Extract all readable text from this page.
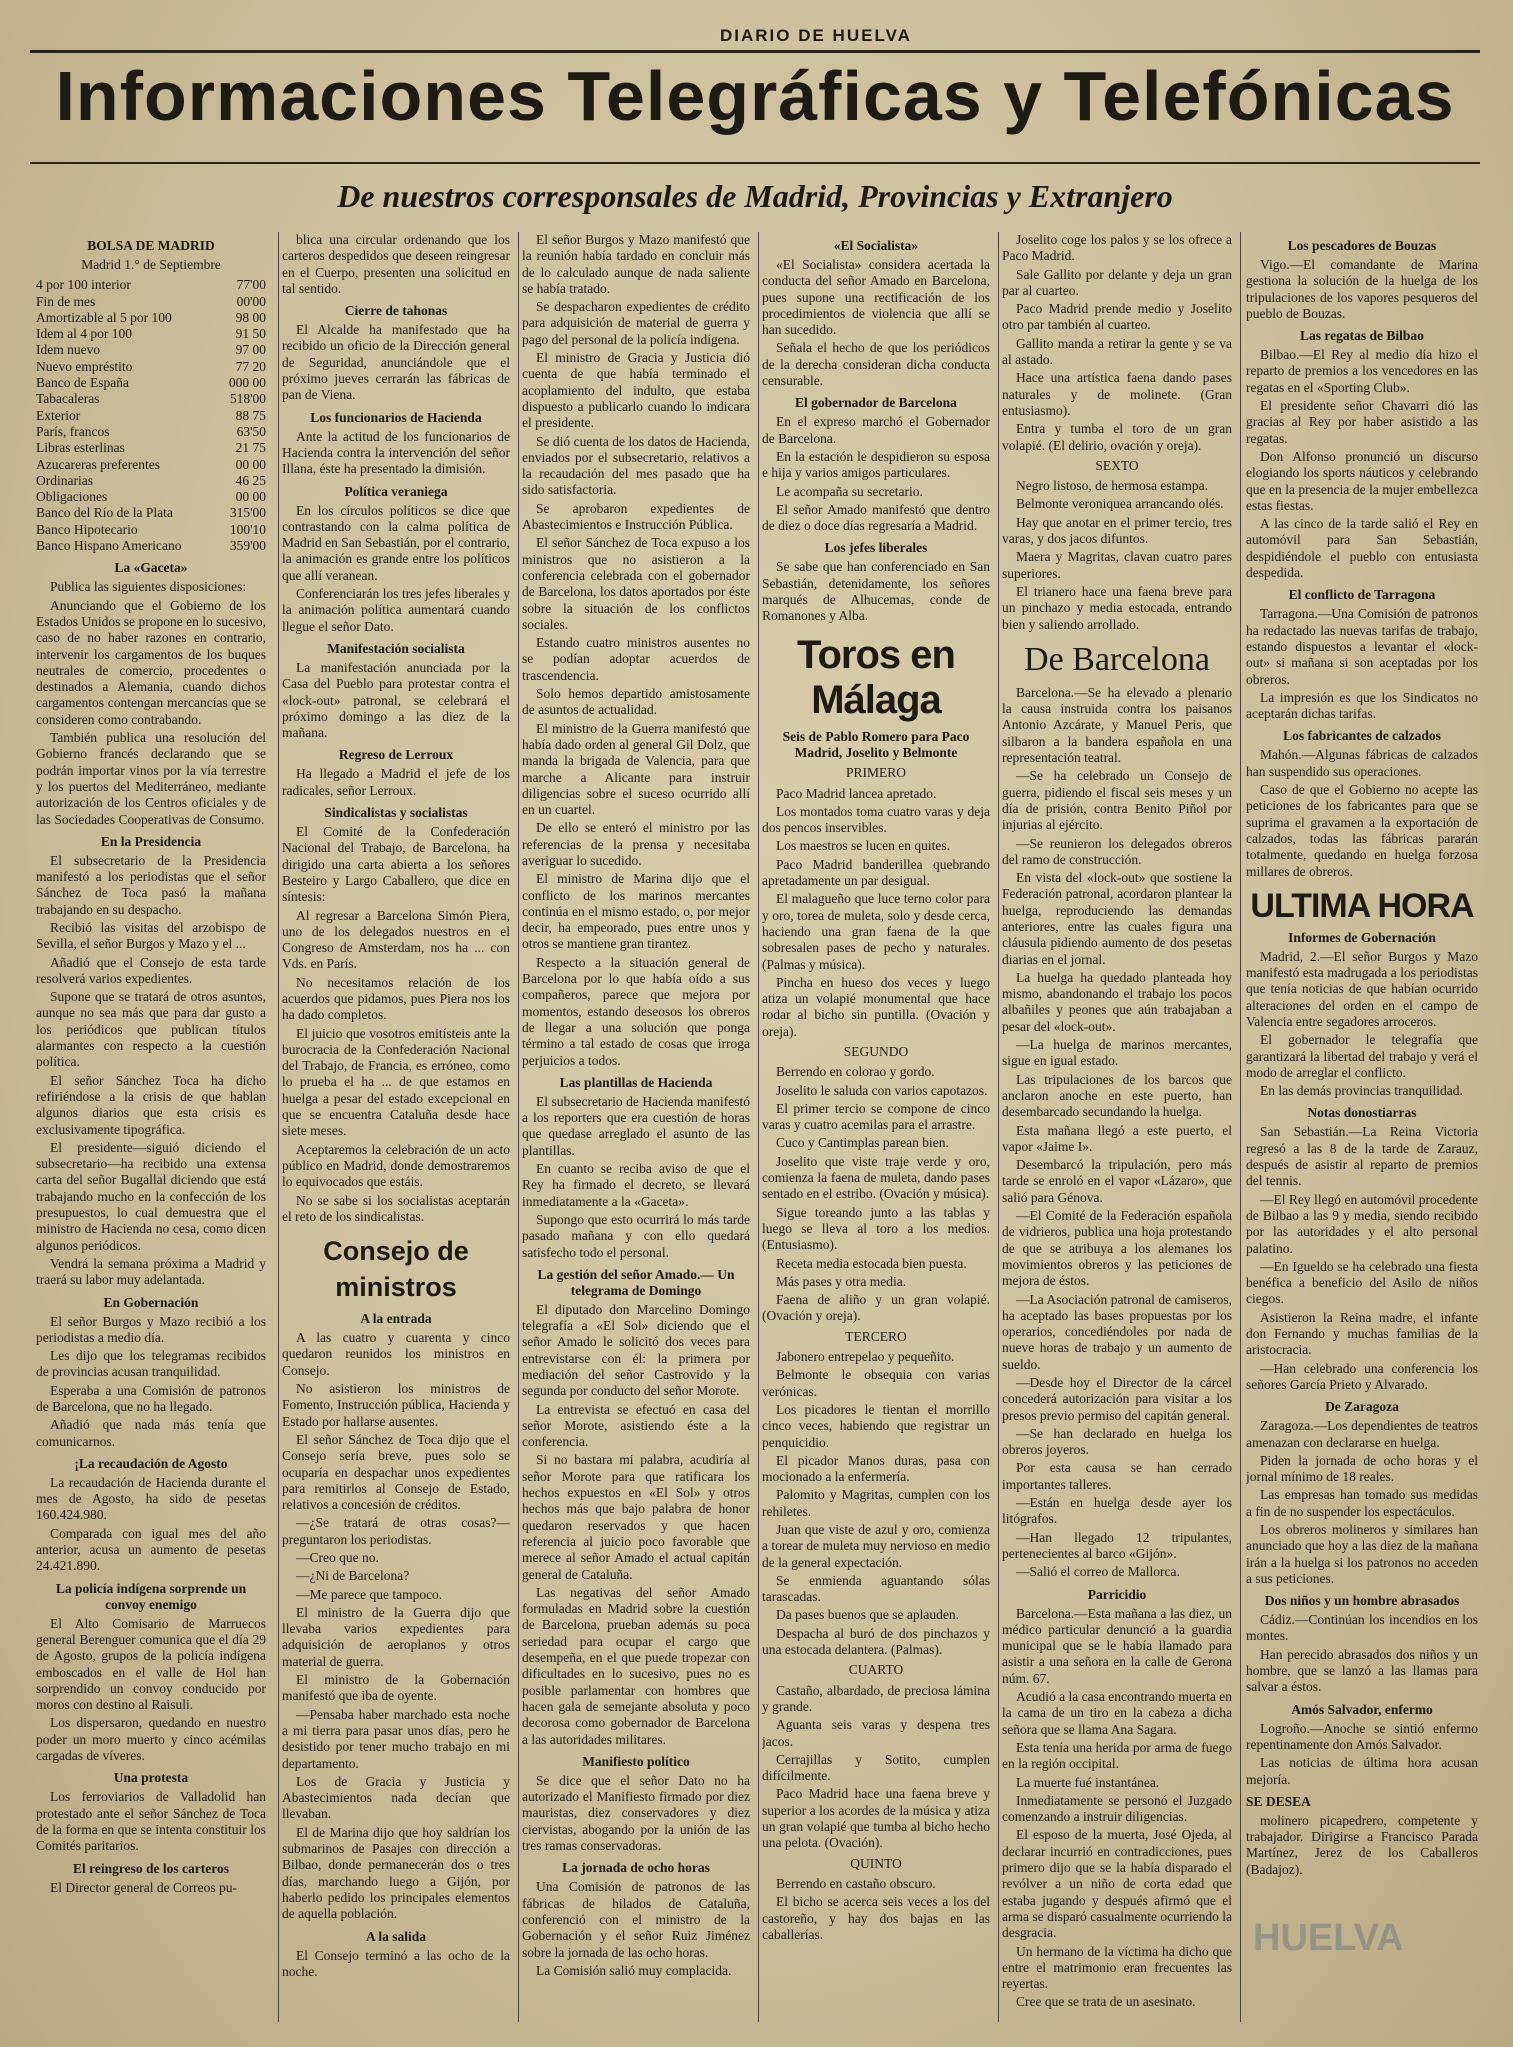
DIARIO DE HUELVA
Informaciones Telegráficas y Telefónicas
De nuestros corresponsales de Madrid, Provincias y Extranjero
BOLSA DE MADRID
Madrid 1.° de Septiembre
4 por 100 interior	77'00
Fin de mes	00'00
Amortizable al 5 por 100	98 00
Idem al 4 por 100	91 50
Idem nuevo	97 00
Nuevo empréstito	77 20
Banco de España	000 00
Tabacaleras	518'00
Exterior	88 75
París, francos	63'50
Libras esterlinas	21 75
Azucareras preferentes	00 00
Ordinarias	46 25
Obligaciones	00 00
Banco del Río de la Plata	315'00
Banco Hipotecario	100'10
Banco Hispano Americano	359'00
La «Gaceta»

Publica las siguientes disposiciones:

Anunciando que el Gobierno de los Estados Unidos se propone en lo sucesivo, caso de no haber razones en contrario, intervenir los cargamentos de los buques neutrales de comercio, procedentes o destinados a Alemania, cuando dichos cargamentos contengan mercancías que se consideren como contrabando.

También publica una resolución del Gobierno francés declarando que se podrán importar vinos por la vía terrestre y los puertos del Mediterráneo, mediante autorización de los Centros oficiales y de las Sociedades Cooperativas de Consumo.

En la Presidencia

El subsecretario de la Presidencia manifestó a los periodistas que el señor Sánchez de Toca pasó la mañana trabajando en su despacho.

Recibió las visitas del arzobispo de Sevilla, el señor Burgos y Mazo y el ...

Añadió que el Consejo de esta tarde resolverá varios expedientes.

Supone que se tratará de otros asuntos, aunque no sea más que para dar gusto a los periódicos que publican títulos alarmantes con respecto a la cuestión política.

El señor Sánchez Toca ha dicho refiriéndose a la crisis de que hablan algunos diarios que esta crisis es exclusivamente tipográfica.

El presidente—siguió diciendo el subsecretario—ha recibido una extensa carta del señor Bugallal diciendo que está trabajando mucho en la confección de los presupuestos, lo cual demuestra que el ministro de Hacienda no cesa, como dicen algunos periódicos.

Vendrá la semana próxima a Madrid y traerá su labor muy adelantada.

En Gobernación

El señor Burgos y Mazo recibió a los periodistas a medio día.

Les dijo que los telegramas recibidos de provincias acusan tranquilidad.

Esperaba a una Comisión de patronos de Barcelona, que no ha llegado.

Añadió que nada más tenía que comunicarnos.

¡La recaudación de Agosto

La recaudación de Hacienda durante el mes de Agosto, ha sido de pesetas 160.424.980.

Comparada con igual mes del año anterior, acusa un aumento de pesetas 24.421.890.

La policía indígena sorprende un convoy enemigo

El Alto Comisario de Marruecos general Berenguer comunica que el día 29 de Agosto, grupos de la policía indígena emboscados en el valle de Hol han sorprendido un convoy conducido por moros con destino al Raisuli.

Los dispersaron, quedando en nuestro poder un moro muerto y cinco acémilas cargadas de víveres.

Una protesta

Los ferroviarios de Valladolid han protestado ante el señor Sánchez de Toca de la forma en que se intenta constituir los Comités paritarios.

El reingreso de los carteros

El Director general de Correos pu-

blica una circular ordenando que los carteros despedidos que deseen reingresar en el Cuerpo, presenten una solicitud en tal sentido.

Cierre de tahonas

El Alcalde ha manifestado que ha recibido un oficio de la Dirección general de Seguridad, anunciándole que el próximo jueves cerrarán las fábricas de pan de Viena.

Los funcionarios de Hacienda

Ante la actitud de los funcionarios de Hacienda contra la intervención del señor Illana, éste ha presentado la dimisión.

Política veraniega

En los círculos políticos se dice que contrastando con la calma política de Madrid en San Sebastián, por el contrario, la animación es grande entre los políticos que allí veranean.

Conferenciarán los tres jefes liberales y la animación política aumentará cuando llegue el señor Dato.

Manifestación socialista

La manifestación anunciada por la Casa del Pueblo para protestar contra el «lock-out» patronal, se celebrará el próximo domingo a las diez de la mañana.

Regreso de Lerroux

Ha llegado a Madrid el jefe de los radicales, señor Lerroux.

Sindicalistas y socialistas

El Comité de la Confederación Nacional del Trabajo, de Barcelona, ha dirigido una carta abierta a los señores Besteiro y Largo Caballero, que dice en síntesis:

Al regresar a Barcelona Simón Piera, uno de los delegados nuestros en el Congreso de Amsterdam, nos ha ... con Vds. en París.

No necesitamos relación de los acuerdos que pidamos, pues Piera nos los ha dado completos.

El juicio que vosotros emitísteis ante la burocracia de la Confederación Nacional del Trabajo, de Francia, es erróneo, como lo prueba el ha ... de que estamos en huelga a pesar del estado excepcional en que se encuentra Cataluña desde hace siete meses.

Aceptaremos la celebración de un acto público en Madrid, donde demostraremos lo equivocados que estáis.

No se sabe si los socialistas aceptarán el reto de los sindicalistas.

Consejo de ministros
A la entrada

A las cuatro y cuarenta y cinco quedaron reunidos los ministros en Consejo.

No asistieron los ministros de Fomento, Instrucción pública, Hacienda y Estado por hallarse ausentes.

El señor Sánchez de Toca dijo que el Consejo sería breve, pues solo se ocuparía en despachar unos expedientes para remitirlos al Consejo de Estado, relativos a concesión de créditos.

—¿Se tratará de otras cosas?—preguntaron los periodistas.

—Creo que no.

—¿Ni de Barcelona?

—Me parece que tampoco.

El ministro de la Guerra dijo que llevaba varios expedientes para adquisición de aeroplanos y otros material de guerra.

El ministro de la Gobernación manifestó que iba de oyente.

—Pensaba haber marchado esta noche a mi tierra para pasar unos días, pero he desistido por tener mucho trabajo en mi departamento.

Los de Gracia y Justicia y Abastecimientos nada decían que llevaban.

El de Marina dijo que hoy saldrían los submarinos de Pasajes con dirección a Bilbao, donde permanecerán dos o tres días, marchando luego a Gijón, por haberlo pedido los principales elementos de aquella población.

A la salida

El Consejo terminó a las ocho de la noche.

El señor Burgos y Mazo manifestó que la reunión había tardado en concluir más de lo calculado aunque de nada saliente se había tratado.

Se despacharon expedientes de crédito para adquisición de material de guerra y pago del personal de la policía indígena.

El ministro de Gracia y Justicia dió cuenta de que había terminado el acoplamiento del indulto, que estaba dispuesto a publicarlo cuando lo indicara el presidente.

Se dió cuenta de los datos de Hacienda, enviados por el subsecretario, relativos a la recaudación del mes pasado que ha sido satisfactoria.

Se aprobaron expedientes de Abastecimientos e Instrucción Pública.

El señor Sánchez de Toca expuso a los ministros que no asistieron a la conferencia celebrada con el gobernador de Barcelona, los datos aportados por éste sobre la situación de los conflictos sociales.

Estando cuatro ministros ausentes no se podían adoptar acuerdos de trascendencia.

Solo hemos departido amistosamente de asuntos de actualidad.

El ministro de la Guerra manifestó que había dado orden al general Gil Dolz, que manda la brigada de Valencia, para que marche a Alicante para instruir diligencias sobre el suceso ocurrido allí en un cuartel.

De ello se enteró el ministro por las referencias de la prensa y necesitaba averiguar lo sucedido.

El ministro de Marina dijo que el conflicto de los marinos mercantes continúa en el mismo estado, o, por mejor decir, ha empeorado, pues entre unos y otros se mantiene gran tirantez.

Respecto a la situación general de Barcelona por lo que había oído a sus compañeros, parece que mejora por momentos, estando deseosos los obreros de llegar a una solución que ponga término a tal estado de cosas que irroga perjuicios a todos.

Las plantillas de Hacienda

El subsecretario de Hacienda manifestó a los reporters que era cuestión de horas que quedase arreglado el asunto de las plantillas.

En cuanto se reciba aviso de que el Rey ha firmado el decreto, se llevará inmediatamente a la «Gaceta».

Supongo que esto ocurrirá lo más tarde pasado mañana y con ello quedará satisfecho todo el personal.

La gestión del señor Amado.— Un telegrama de Domingo

El diputado don Marcelino Domingo telegrafía a «El Sol» diciendo que el señor Amado le solicitó dos veces para entrevistarse con él: la primera por mediación del señor Castrovido y la segunda por conducto del señor Morote.

La entrevista se efectuó en casa del señor Morote, asistiendo éste a la conferencia.

Si no bastara mi palabra, acudiría al señor Morote para que ratificara los hechos expuestos en «El Sol» y otros hechos más que bajo palabra de honor quedaron reservados y que hacen referencia al juicio poco favorable que merece al señor Amado el actual capitán general de Cataluña.

Las negativas del señor Amado formuladas en Madrid sobre la cuestión de Barcelona, prueban además su poca seriedad para ocupar el cargo que desempeña, en el que puede tropezar con dificultades en lo sucesivo, pues no es posible parlamentar con hombres que hacen gala de semejante absoluta y poco decorosa como gobernador de Barcelona a las autoridades militares.

Manifiesto político

Se dice que el señor Dato no ha autorizado el Manifiesto firmado por diez mauristas, diez conservadores y diez ciervistas, abogando por la unión de las tres ramas conservadoras.

La jornada de ocho horas

Una Comisión de patronos de las fábricas de hilados de Cataluña, conferenció con el ministro de la Gobernación y el señor Ruiz Jiménez sobre la jornada de las ocho horas.

La Comisión salió muy complacida.

«El Socialista»

«El Socialista» considera acertada la conducta del señor Amado en Barcelona, pues supone una rectificación de los procedimientos de violencia que allí se han sucedido.

Señala el hecho de que los periódicos de la derecha consideran dicha conducta censurable.

El gobernador de Barcelona

En el expreso marchó el Gobernador de Barcelona.

En la estación le despidieron su esposa e hija y varios amigos particulares.

Le acompaña su secretario.

El señor Amado manifestó que dentro de diez o doce días regresaría a Madrid.

Los jefes liberales

Se sabe que han conferenciado en San Sebastián, detenidamente, los señores marqués de Alhucemas, conde de Romanones y Alba.

Toros en Málaga
Seis de Pablo Romero para Paco Madrid, Joselito y Belmonte
PRIMERO

Paco Madrid lancea apretado.

Los montados toma cuatro varas y deja dos pencos inservibles.

Los maestros se lucen en quites.

Paco Madrid banderillea quebrando apretadamente un par desigual.

El malagueño que luce terno color para y oro, torea de muleta, solo y desde cerca, haciendo una gran faena de la que sobresalen pases de pecho y naturales. (Palmas y música).

Pincha en hueso dos veces y luego atiza un volapié monumental que hace rodar al bicho sin puntilla. (Ovación y oreja).

SEGUNDO

Berrendo en colorao y gordo.

Joselito le saluda con varios capotazos.

El primer tercio se compone de cinco varas y cuatro acemilas para el arrastre.

Cuco y Cantimplas parean bien.

Joselito que viste traje verde y oro, comienza la faena de muleta, dando pases sentado en el estribo. (Ovación y música).

Sigue toreando junto a las tablas y luego se lleva al toro a los medios. (Entusiasmo).

Receta media estocada bien puesta.

Más pases y otra media.

Faena de aliño y un gran volapié. (Ovación y oreja).

TERCERO

Jabonero entrepelao y pequeñito.

Belmonte le obsequia con varias verónicas.

Los picadores le tientan el morrillo cinco veces, habiendo que registrar un penquicidio.

El picador Manos duras, pasa con mocionado a la enfermería.

Palomito y Magritas, cumplen con los rehiletes.

Juan que viste de azul y oro, comienza a torear de muleta muy nervioso en medio de la general expectación.

Se enmienda aguantando sólas tarascadas.

Da pases buenos que se aplauden.

Despacha al buró de dos pinchazos y una estocada delantera. (Palmas).

CUARTO

Castaño, albardado, de preciosa lámina y grande.

Aguanta seis varas y despena tres jacos.

Cerrajillas y Sotito, cumplen difícilmente.

Paco Madrid hace una faena breve y superior a los acordes de la música y atiza un gran volapié que tumba al bicho hecho una pelota. (Ovación).

QUINTO

Berrendo en castaño obscuro.

El bicho se acerca seis veces a los del castoreño, y hay dos bajas en las caballerías.

Joselito coge los palos y se los ofrece a Paco Madrid.

Sale Gallito por delante y deja un gran par al cuarteo.

Paco Madrid prende medio y Joselito otro par también al cuarteo.

Gallito manda a retirar la gente y se va al astado.

Hace una artística faena dando pases naturales y de molinete. (Gran entusiasmo).

Entra y tumba el toro de un gran volapié. (El delirio, ovación y oreja).

SEXTO

Negro listoso, de hermosa estampa.

Belmonte veroniquea arrancando olés.

Hay que anotar en el primer tercio, tres varas, y dos jacos difuntos.

Maera y Magritas, clavan cuatro pares superiores.

El trianero hace una faena breve para un pinchazo y media estocada, entrando bien y saliendo arrollado.

De Barcelona

Barcelona.—Se ha elevado a plenario la causa instruida contra los paisanos Antonio Azcárate, y Manuel Peris, que silbaron a la bandera española en una representación teatral.

—Se ha celebrado un Consejo de guerra, pidiendo el fiscal seis meses y un día de prisión, contra Benito Piñol por injurias al ejército.

—Se reunieron los delegados obreros del ramo de construcción.

En vista del «lock-out» que sostiene la Federación patronal, acordaron plantear la huelga, reproduciendo las demandas anteriores, entre las cuales figura una cláusula pidiendo aumento de dos pesetas diarias en el jornal.

La huelga ha quedado planteada hoy mismo, abandonando el trabajo los pocos albañiles y peones que aún trabajaban a pesar del «lock-out».

—La huelga de marinos mercantes, sigue en igual estado.

Las tripulaciones de los barcos que anclaron anoche en este puerto, han desembarcado secundando la huelga.

Esta mañana llegó a este puerto, el vapor «Jaime I».

Desembarcó la tripulación, pero más tarde se enroló en el vapor «Lázaro», que salió para Génova.

—El Comité de la Federación española de vidrieros, publica una hoja protestando de que se atribuya a los alemanes los movimientos obreros y las peticiones de mejora de éstos.

—La Asociación patronal de camiseros, ha aceptado las bases propuestas por los operarios, concediéndoles por nada de nueve horas de trabajo y un aumento de sueldo.

—Desde hoy el Director de la cárcel concederá autorización para visitar a los presos previo permiso del capitán general.

—Se han declarado en huelga los obreros joyeros.

Por esta causa se han cerrado importantes talleres.

—Están en huelga desde ayer los litógrafos.

—Han llegado 12 tripulantes, pertenecientes al barco «Gijón».

—Salió el correo de Mallorca.

Parricidio

Barcelona.—Esta mañana a las diez, un médico particular denunció a la guardia municipal que se le había llamado para asistir a una señora en la calle de Gerona núm. 67.

Acudió a la casa encontrando muerta en la cama de un tiro en la cabeza a dicha señora que se llama Ana Sagara.

Esta tenía una herida por arma de fuego en la región occipital.

La muerte fué instantánea.

Inmediatamente se personó el Juzgado comenzando a instruir diligencias.

El esposo de la muerta, José Ojeda, al declarar incurrió en contradicciones, pues primero dijo que se la había disparado el revólver a un niño de corta edad que estaba jugando y después afirmó que el arma se disparó casualmente ocurriendo la desgracia.

Un hermano de la víctima ha dicho que entre el matrimonio eran frecuentes las reyertas.

Cree que se trata de un asesinato.

Los pescadores de Bouzas

Vigo.—El comandante de Marina gestiona la solución de la huelga de los tripulaciones de los vapores pesqueros del pueblo de Bouzas.

Las regatas de Bilbao

Bilbao.—El Rey al medio día hizo el reparto de premios a los vencedores en las regatas en el «Sporting Club».

El presidente señor Chavarri dió las gracias al Rey por haber asistido a las regatas.

Don Alfonso pronunció un discurso elogiando los sports náuticos y celebrando que en la presencia de la mujer embellezca estas fiestas.

A las cinco de la tarde salió el Rey en automóvil para San Sebastián, despidiéndole el pueblo con entusiasta despedida.

El conflicto de Tarragona

Tarragona.—Una Comisión de patronos ha redactado las nuevas tarifas de trabajo, estando dispuestos a levantar el «lock-out» si mañana si son aceptadas por los obreros.

La impresión es que los Sindicatos no aceptarán dichas tarifas.

Los fabricantes de calzados

Mahón.—Algunas fábricas de calzados han suspendido sus operaciones.

Caso de que el Gobierno no acepte las peticiones de los fabricantes para que se suprima el gravamen a la exportación de calzados, todas las fábricas pararán totalmente, quedando en huelga forzosa millares de obreros.

ULTIMA HORA
Informes de Gobernación

Madrid, 2.—El señor Burgos y Mazo manifestó esta madrugada a los periodistas que tenía noticias de que habían ocurrido alteraciones del orden en el campo de Valencia entre segadores arroceros.

El gobernador le telegrafía que garantizará la libertad del trabajo y verá el modo de arreglar el conflicto.

En las demás provincias tranquilidad.

Notas donostiarras

San Sebastián.—La Reina Victoria regresó a las 8 de la tarde de Zarauz, después de asistir al reparto de premios del tennis.

—El Rey llegó en automóvil procedente de Bilbao a las 9 y media, siendo recibido por las autoridades y el alto personal palatino.

—En Igueldo se ha celebrado una fiesta benéfica a beneficio del Asilo de niños ciegos.

Asistieron la Reina madre, el infante don Fernando y muchas familias de la aristocracia.

—Han celebrado una conferencia los señores García Prieto y Alvarado.

De Zaragoza

Zaragoza.—Los dependientes de teatros amenazan con declararse en huelga.

Piden la jornada de ocho horas y el jornal mínimo de 18 reales.

Las empresas han tomado sus medidas a fin de no suspender los espectáculos.

Los obreros molineros y similares han anunciado que hoy a las diez de la mañana irán a la huelga si los patronos no acceden a sus peticiones.

Dos niños y un hombre abrasados

Cádiz.—Continúan los incendios en los montes.

Han perecido abrasados dos niños y un hombre, que se lanzó a las llamas para salvar a éstos.

Amós Salvador, enfermo

Logroño.—Anoche se sintió enfermo repentinamente don Amós Salvador.

Las noticias de última hora acusan mejoría.

SE DESEA

molinero picapedrero, competente y trabajador. Dirigirse a Francisco Parada Martínez, Jerez de los Caballeros (Badajoz).

HUELVA
